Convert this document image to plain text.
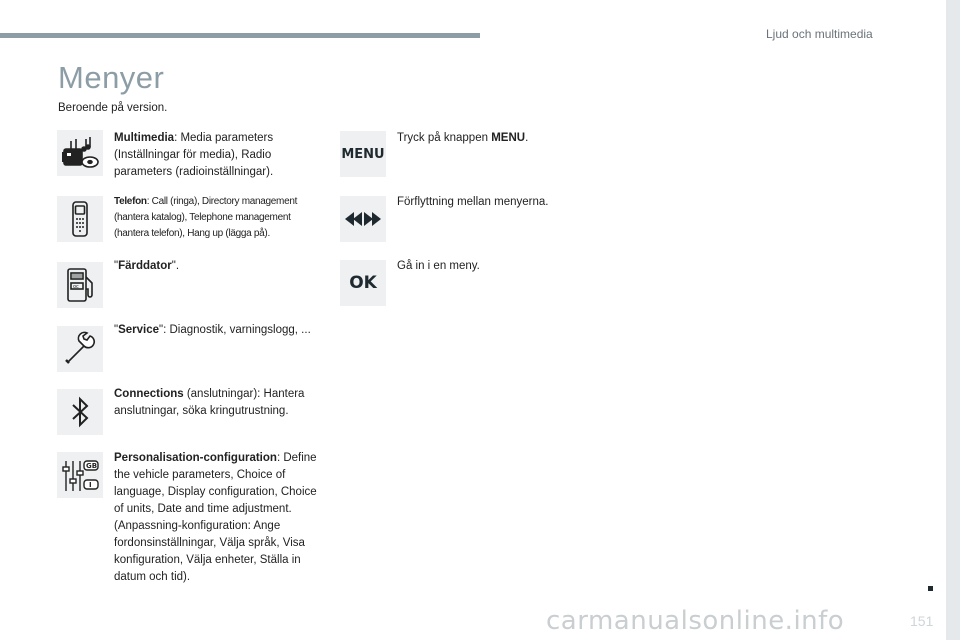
Ljud och multimedia
Menyer
Beroende på version.
Multimedia: Media parameters (Inställningar för media), Radio parameters (radioinställningar).
Telefon: Call (ringa), Directory management (hantera katalog), Telephone management (hantera telefon), Hang up (lägga på).
oc
"Färddator".
"Service": Diagnostik, varningslogg, ...
Connections (anslutningar): Hantera anslutningar, söka kringutrustning.
GB
I
Personalisation-configuration: Define the vehicle parameters, Choice of language, Display configuration, Choice of units, Date and time adjustment. (Anpassning-konfiguration: Ange fordonsinställningar, Välja språk, Visa konfiguration, Välja enheter, Ställa in datum och tid).
MENU
Tryck på knappen MENU.
Förflyttning mellan menyerna.
OK
Gå in i en meny.
carmanualsonline.info	151
